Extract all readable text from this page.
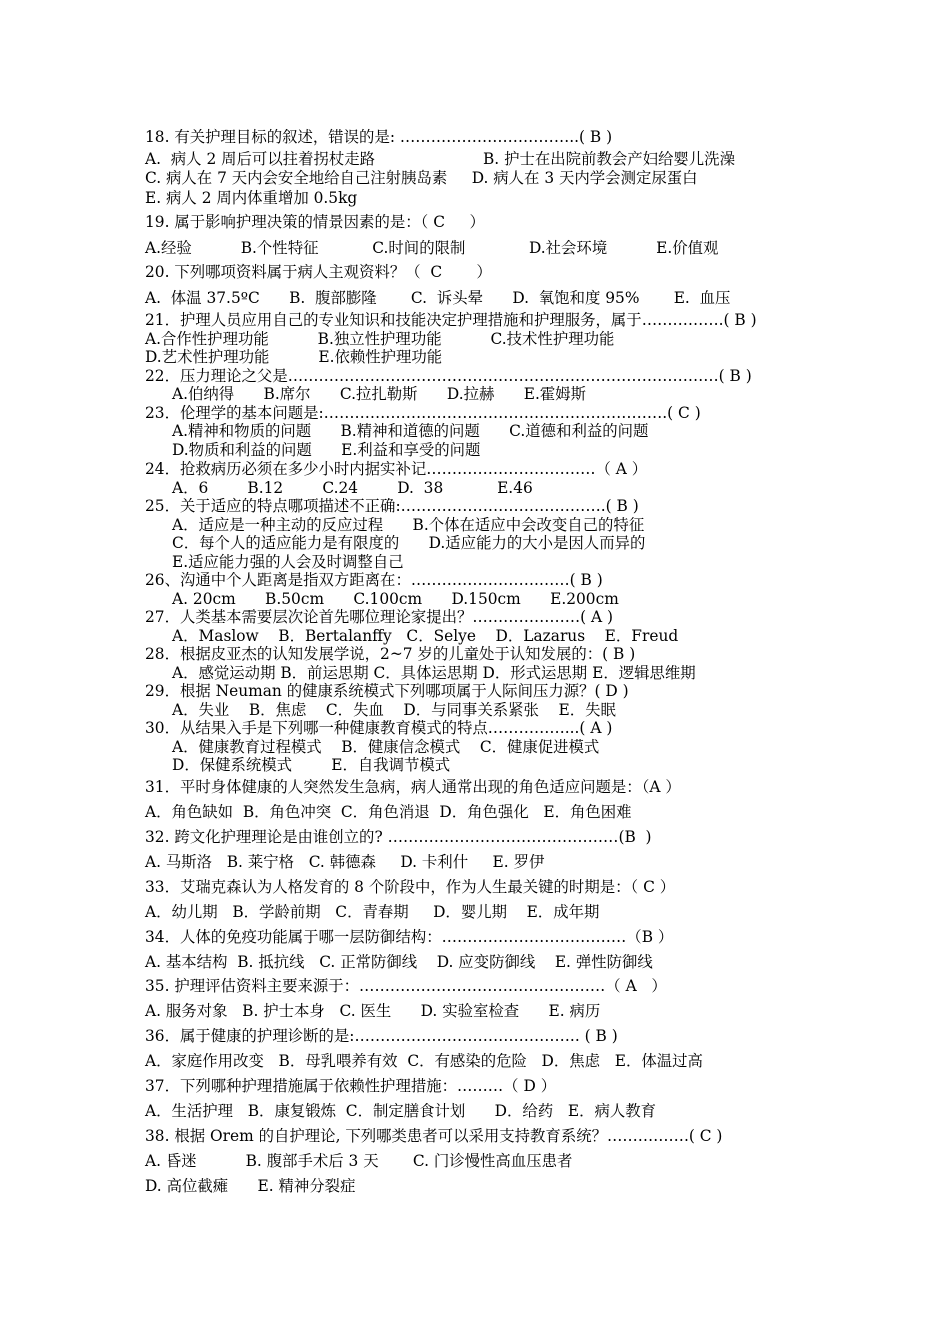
18. 有关护理目标的叙述，错误的是: ……………………………..( B )
A.  病人 2 周后可以拄着拐杖走路	B. 护士在出院前教会产妇给婴儿洗澡
C. 病人在 7 天内会安全地给自己注射胰岛素     D. 病人在 3 天内学会测定尿蛋白
E. 病人 2 周内体重增加 0.5kg
19. 属于影响护理决策的情景因素的是：（ C     ）
A.经验          B.个性特征           C.时间的限制             D.社会环境          E.价值观
20. 下列哪项资料属于病人主观资料？（  C       ）
A.  体温 37.5ºC      B.  腹部膨隆       C.  诉头晕      D.  氧饱和度 95%       E.  血压
21．护理人员应用自己的专业知识和技能决定护理措施和护理服务，属于…………….( B )
A.合作性护理功能          B.独立性护理功能          C.技术性护理功能
D.艺术性护理功能          E.依赖性护理功能
22．压力理论之父是…………………………………………………………………………( B )
A.伯纳得      B.席尔      C.拉扎勒斯      D.拉赫      E.霍姆斯
23．伦理学的基本问题是:………………………………………………………….( C )
A.精神和物质的问题      B.精神和道德的问题      C.道德和利益的问题
D.物质和利益的问题      E.利益和享受的问题
24．抢救病历必须在多少小时内据实补记……………………………（ A ）
A．6        B.12        C.24        D.  38           E.46
25．关于适应的特点哪项描述不正确:………………………………….( B )
A．适应是一种主动的反应过程      B.个体在适应中会改变自己的特征
C．每个人的适应能力是有限度的      D.适应能力的大小是因人而异的
E.适应能力强的人会及时调整自己
26、沟通中个人距离是指双方距离在：…………………….……( B )
A. 20cm      B.50cm      C.100cm      D.150cm      E.200cm
27．人类基本需要层次论首先哪位理论家提出？…………………( A )
A．Maslow    B．Bertalanffy   C．Selye    D．Lazarus    E．Freud
28．根据皮亚杰的认知发展学说，2~7 岁的儿童处于认知发展的：( B )
A．感觉运动期 B．前运思期 C．具体运思期 D．形式运思期 E．逻辑思维期
29．根据 Neuman 的健康系统模式下列哪项属于人际间压力源？( D )
A．失业    B．焦虑    C．失血    D．与同事关系紧张    E．失眠
30．从结果入手是下列哪一种健康教育模式的特点……………...( A )
A．健康教育过程模式    B．健康信念模式    C．健康促进模式
D．保健系统模式        E．自我调节模式
31．平时身体健康的人突然发生急病，病人通常出现的角色适应问题是：（A ）
A．角色缺如  B．角色冲突  C．角色消退  D．角色强化   E．角色困难
32. 跨文化护理理论是由谁创立的? ………………………………………(B  )
A. 马斯洛   B. 莱宁格   C. 韩德森     D. 卡利什     E. 罗伊
33．艾瑞克森认为人格发育的 8 个阶段中，作为人生最关键的时期是：（ C ）
A．幼儿期   B．学龄前期   C．青春期     D．婴儿期    E．成年期
34．人体的免疫功能属于哪一层防御结构：………………………………（B ）
A. 基本结构  B. 抵抗线   C. 正常防御线    D. 应变防御线    E. 弹性防御线
35. 护理评估资料主要来源于：…………………………………………（ A   ）
A. 服务对象   B. 护士本身   C. 医生      D. 实验室检查      E. 病历
36．属于健康的护理诊断的是:…………………………………….. ( B )
A．家庭作用改变   B．母乳喂养有效  C．有感染的危险   D．焦虑   E．体温过高
37．下列哪种护理措施属于依赖性护理措施：………（ D ）
A．生活护理   B．康复锻炼  C．制定膳食计划      D．给药   E．病人教育
38. 根据 Orem 的自护理论, 下列哪类患者可以采用支持教育系统？…………….( C )
A. 昏迷          B. 腹部手术后 3 天       C. 门诊慢性高血压患者
D. 高位截瘫      E. 精神分裂症
